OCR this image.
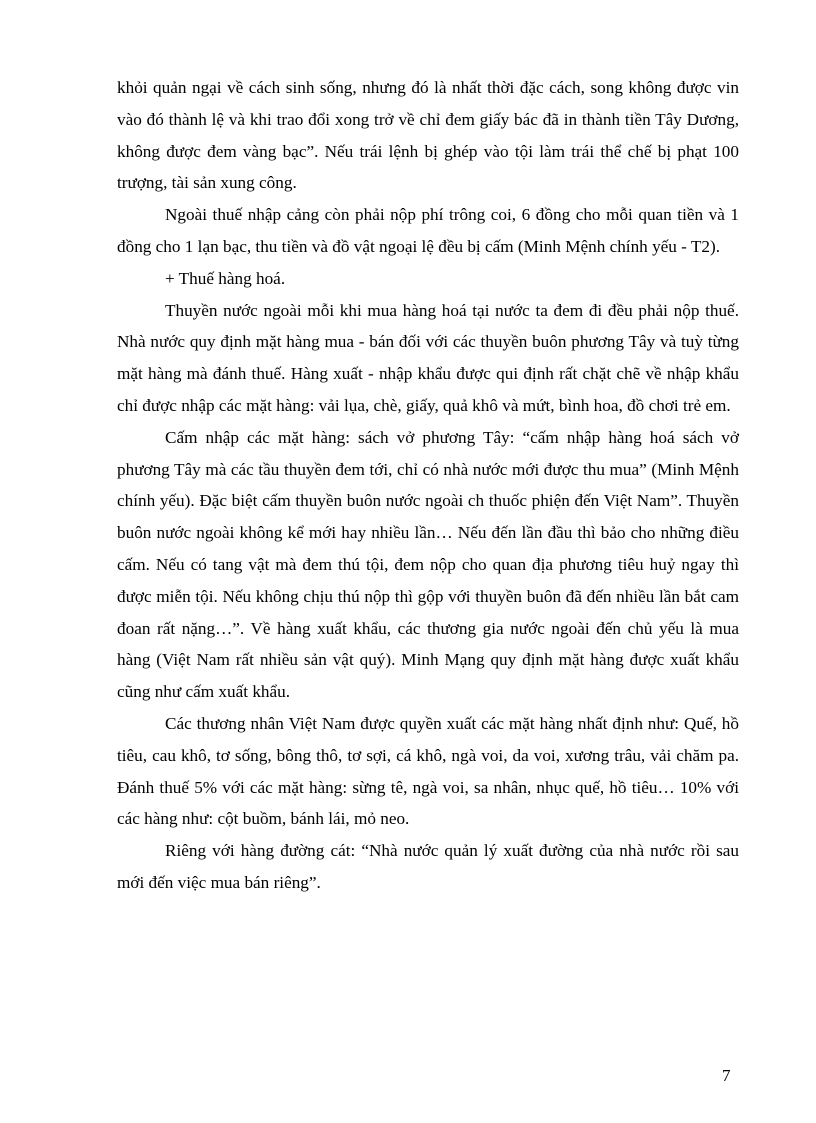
khỏi quản ngại về cách sinh sống, nhưng đó là nhất thời đặc cách, song không được vin vào đó thành lệ và khi trao đổi xong trở về chỉ đem giấy bác đã in thành tiền Tây Dương, không được đem vàng bạc”. Nếu trái lệnh bị ghép vào tội làm trái thể chế bị phạt 100 trượng, tài sản xung công.

Ngoài thuế nhập cảng còn phải nộp phí trông coi, 6 đồng cho mỗi quan tiền và 1 đồng cho 1 lạn bạc, thu tiền và đồ vật ngoại lệ đều bị cấm (Minh Mệnh chính yếu - T2).

+ Thuế hàng hoá.

Thuyền nước ngoài mỗi khi mua hàng hoá tại nước ta đem đi đều phải nộp thuế. Nhà nước quy định mặt hàng mua - bán đối với các thuyền buôn phương Tây và tuỳ từng mặt hàng mà đánh thuế. Hàng xuất - nhập khẩu được qui định rất chặt chẽ về nhập khẩu chỉ được nhập các mặt hàng: vải lụa, chè, giấy, quả khô và mứt, bình hoa, đồ chơi trẻ em.

Cấm nhập các mặt hàng: sách vở phương Tây: “cấm nhập hàng hoá sách vở phương Tây mà các tầu thuyền đem tới, chỉ có nhà nước mới được thu mua” (Minh Mệnh chính yếu). Đặc biệt cấm thuyền buôn nước ngoài ch thuốc phiện đến Việt Nam”. Thuyền buôn nước ngoài không kể mới hay nhiều lần… Nếu đến lần đầu thì bảo cho những điều cấm. Nếu có tang vật mà đem thú tội, đem nộp cho quan địa phương tiêu huỷ ngay thì được miễn tội. Nếu không chịu thú nộp thì gộp với thuyền buôn đã đến nhiều lần bắt cam đoan rất nặng…”. Về hàng xuất khẩu, các thương gia nước ngoài đến chủ yếu là mua hàng (Việt Nam rất nhiều sản vật quý). Minh Mạng quy định mặt hàng được xuất khẩu cũng như cấm xuất khẩu.

Các thương nhân Việt Nam được quyền xuất các mặt hàng nhất định như: Quế, hồ tiêu, cau khô, tơ sống, bông thô, tơ sợi, cá khô, ngà voi, da voi, xương trâu, vải chăm pa. Đánh thuế 5% với các mặt hàng: sừng tê, ngà voi, sa nhân, nhục quế, hồ tiêu… 10% với các hàng như: cột buồm, bánh lái, mỏ neo.

Riêng với hàng đường cát: “Nhà nước quản lý xuất đường của nhà nước rồi sau mới đến việc mua bán riêng”.

7
